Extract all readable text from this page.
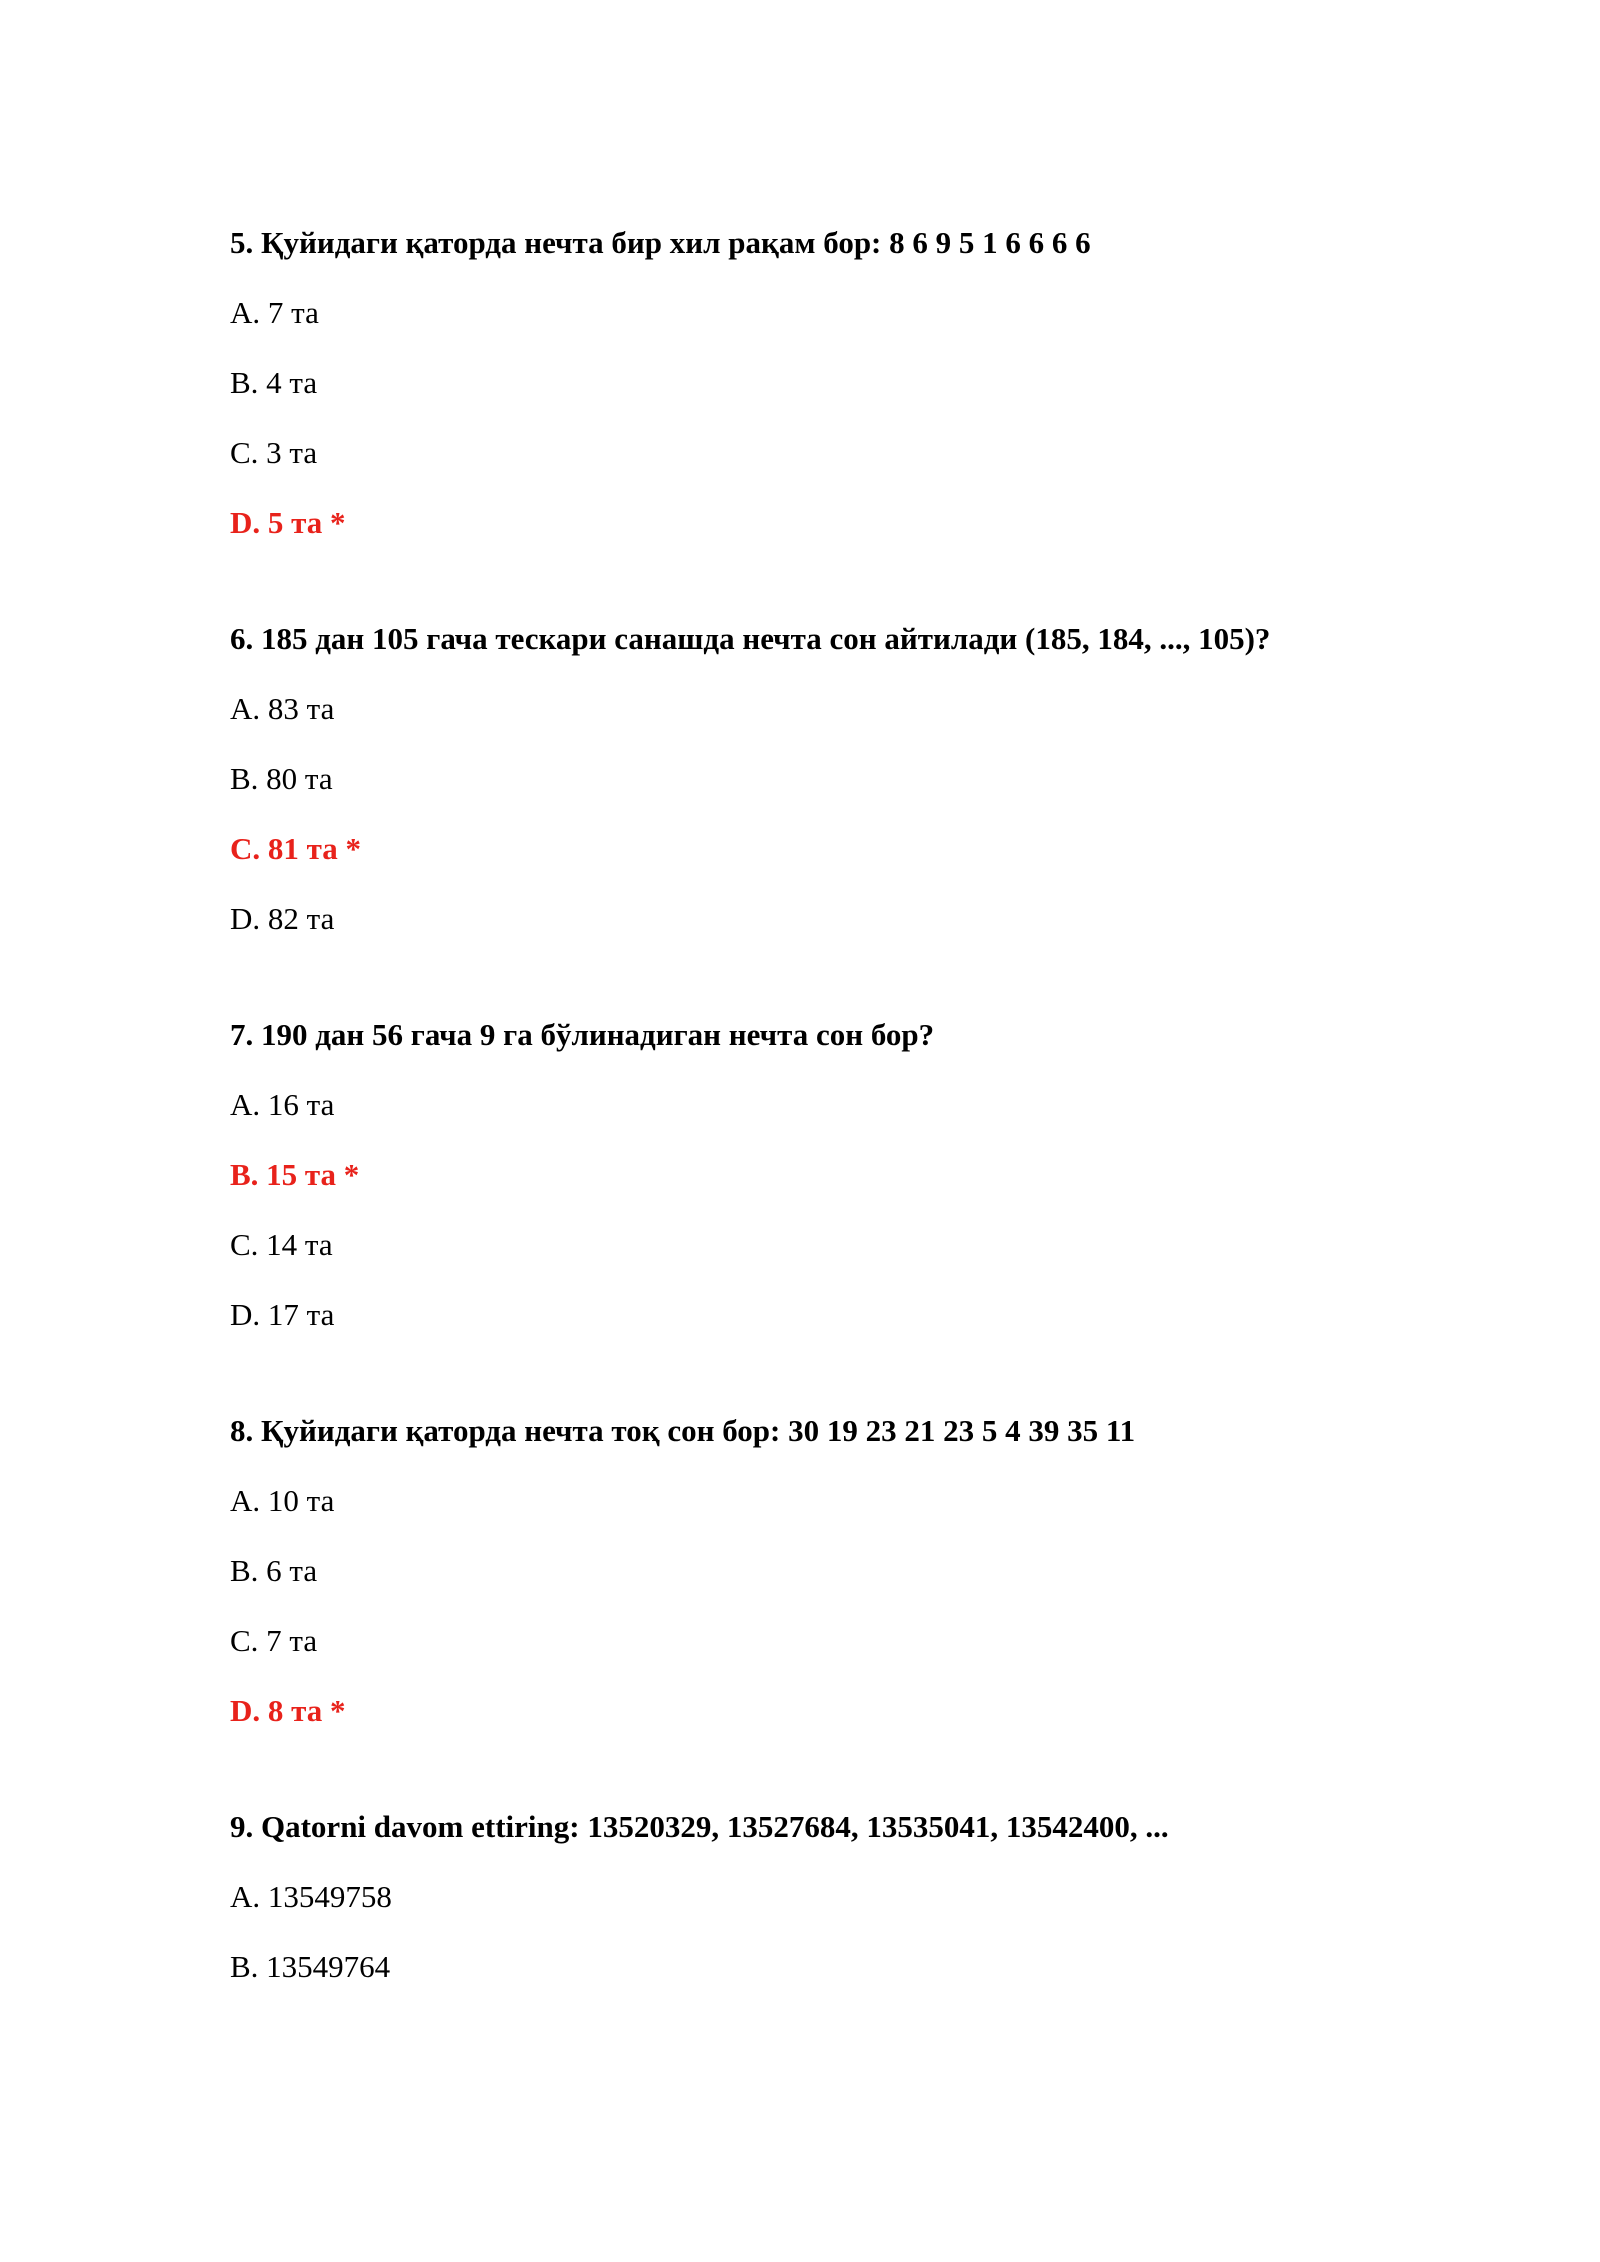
5. Қуйидаги қаторда нечта бир хил рақам бор: 8 6 9 5 1 6 6 6 6
A. 7 та
B. 4 та
C. 3 та
D. 5 та *
6. 185 дан 105 гача тескари санашда нечта сон айтилади (185, 184, ..., 105)?
A. 83 та
B. 80 та
C. 81 та *
D. 82 та
7. 190 дан 56 гача 9 га бўлинадиган нечта сон бор?
A. 16 та
B. 15 та *
C. 14 та
D. 17 та
8. Қуйидаги қаторда нечта тоқ сон бор: 30 19 23 21 23 5 4 39 35 11
A. 10 та
B. 6 та
C. 7 та
D. 8 та *
9. Qatorni davom ettiring: 13520329, 13527684, 13535041, 13542400, ...
A. 13549758
B. 13549764
